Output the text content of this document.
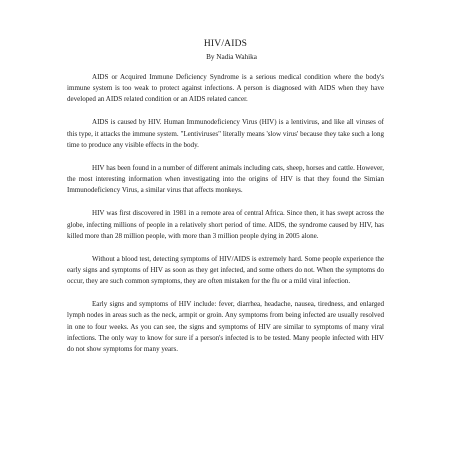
HIV/AIDS
By Nadia Wahika

AIDS or Acquired Immune Deficiency Syndrome is a serious medical condition where the body's immune system is too weak to protect against infections. A person is diagnosed with AIDS when they have developed an AIDS related condition or an AIDS related cancer.

AIDS is caused by HIV. Human Immunodeficiency Virus (HIV) is a lentivirus, and like all viruses of this type, it attacks the immune system. "Lentiviruses" literally means 'slow virus' because they take such a long time to produce any visible effects in the body.

HIV has been found in a number of different animals including cats, sheep, horses and cattle. However, the most interesting information when investigating into the origins of HIV is that they found the Simian Immunodeficiency Virus, a similar virus that affects monkeys.

HIV was first discovered in 1981 in a remote area of central Africa. Since then, it has swept across the globe, infecting millions of people in a relatively short period of time. AIDS, the syndrome caused by HIV, has killed more than 28 million people, with more than 3 million people dying in 2005 alone.

Without a blood test, detecting symptoms of HIV/AIDS is extremely hard. Some people experience the early signs and symptoms of HIV as soon as they get infected, and some others do not. When the symptoms do occur, they are such common symptoms, they are often mistaken for the flu or a mild viral infection.

Early signs and symptoms of HIV include: fever, diarrhea, headache, nausea, tiredness, and enlarged lymph nodes in areas such as the neck, armpit or groin. Any symptoms from being infected are usually resolved in one to four weeks. As you can see, the signs and symptoms of HIV are similar to symptoms of many viral infections. The only way to know for sure if a person's infected is to be tested. Many people infected with HIV do not show symptoms for many years.
